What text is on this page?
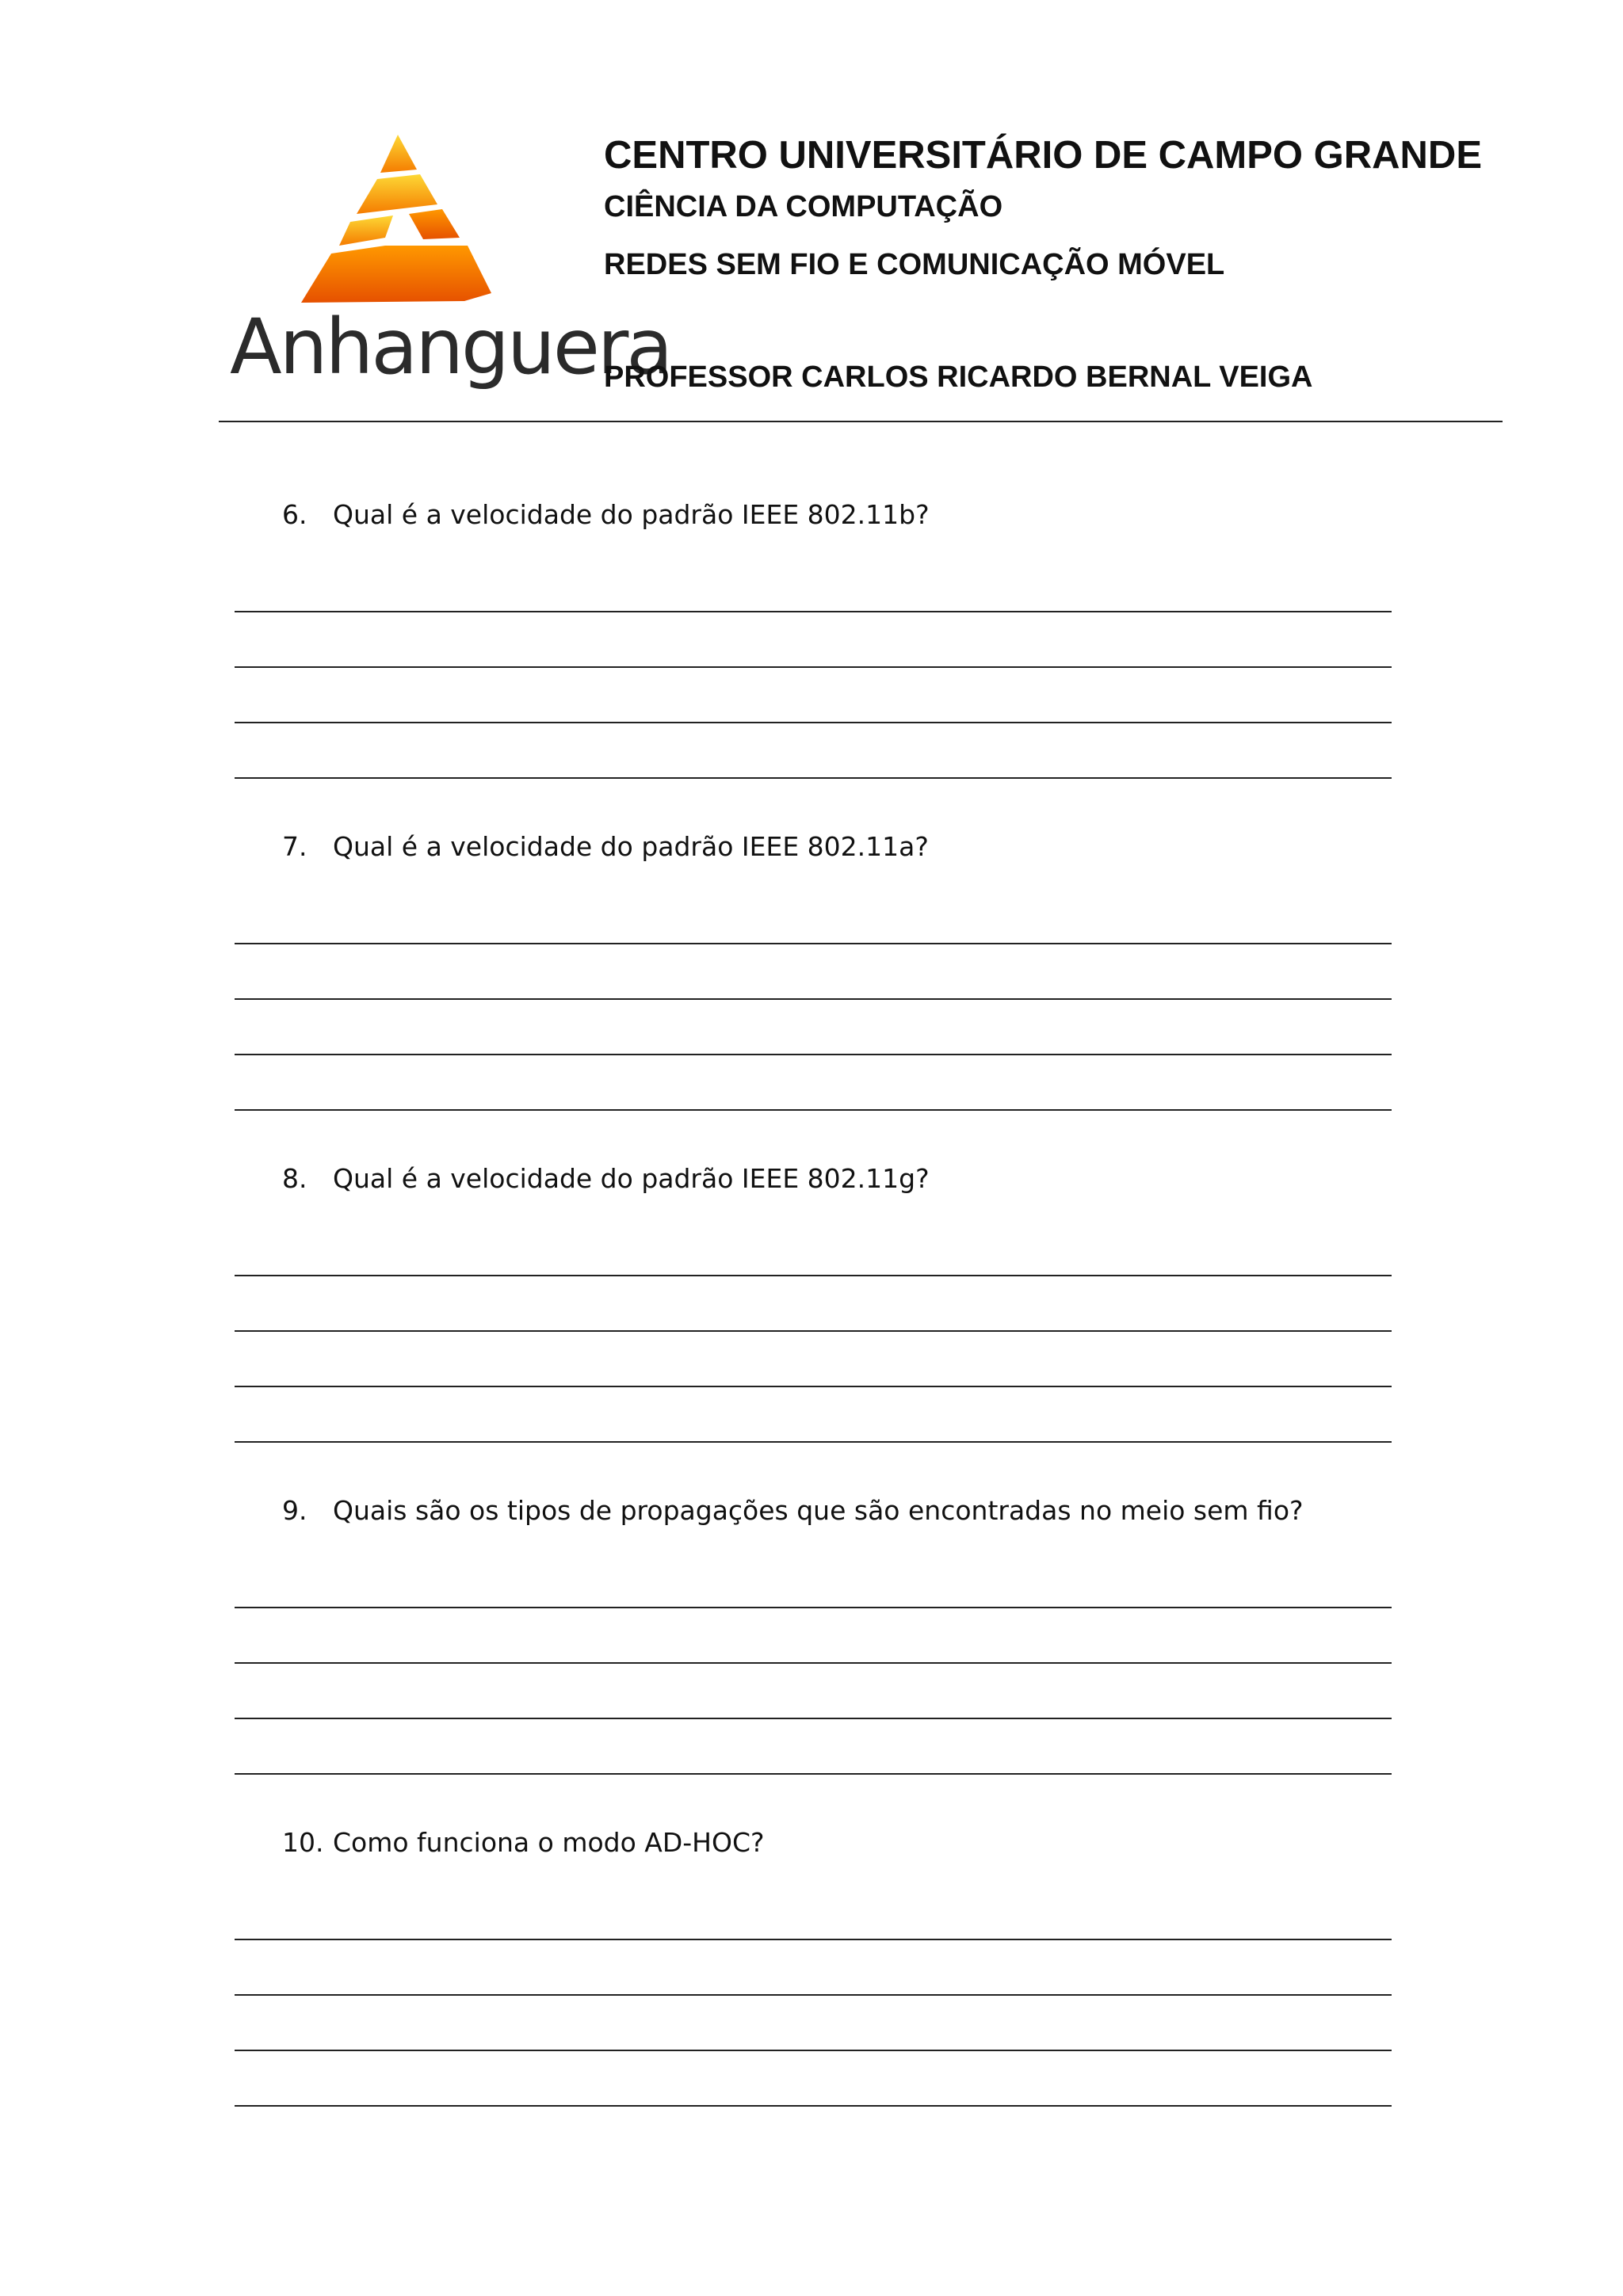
Anhanguera
CENTRO UNIVERSITÁRIO DE CAMPO GRANDE
CIÊNCIA DA COMPUTAÇÃO
REDES SEM FIO E COMUNICAÇÃO MÓVEL
PROFESSOR CARLOS RICARDO BERNAL VEIGA
6. Qual é a velocidade do padrão IEEE 802.11b?
7. Qual é a velocidade do padrão IEEE 802.11a?
8. Qual é a velocidade do padrão IEEE 802.11g?
9. Quais são os tipos de propagações que são encontradas no meio sem fio?
10. Como funciona o modo AD-HOC?
